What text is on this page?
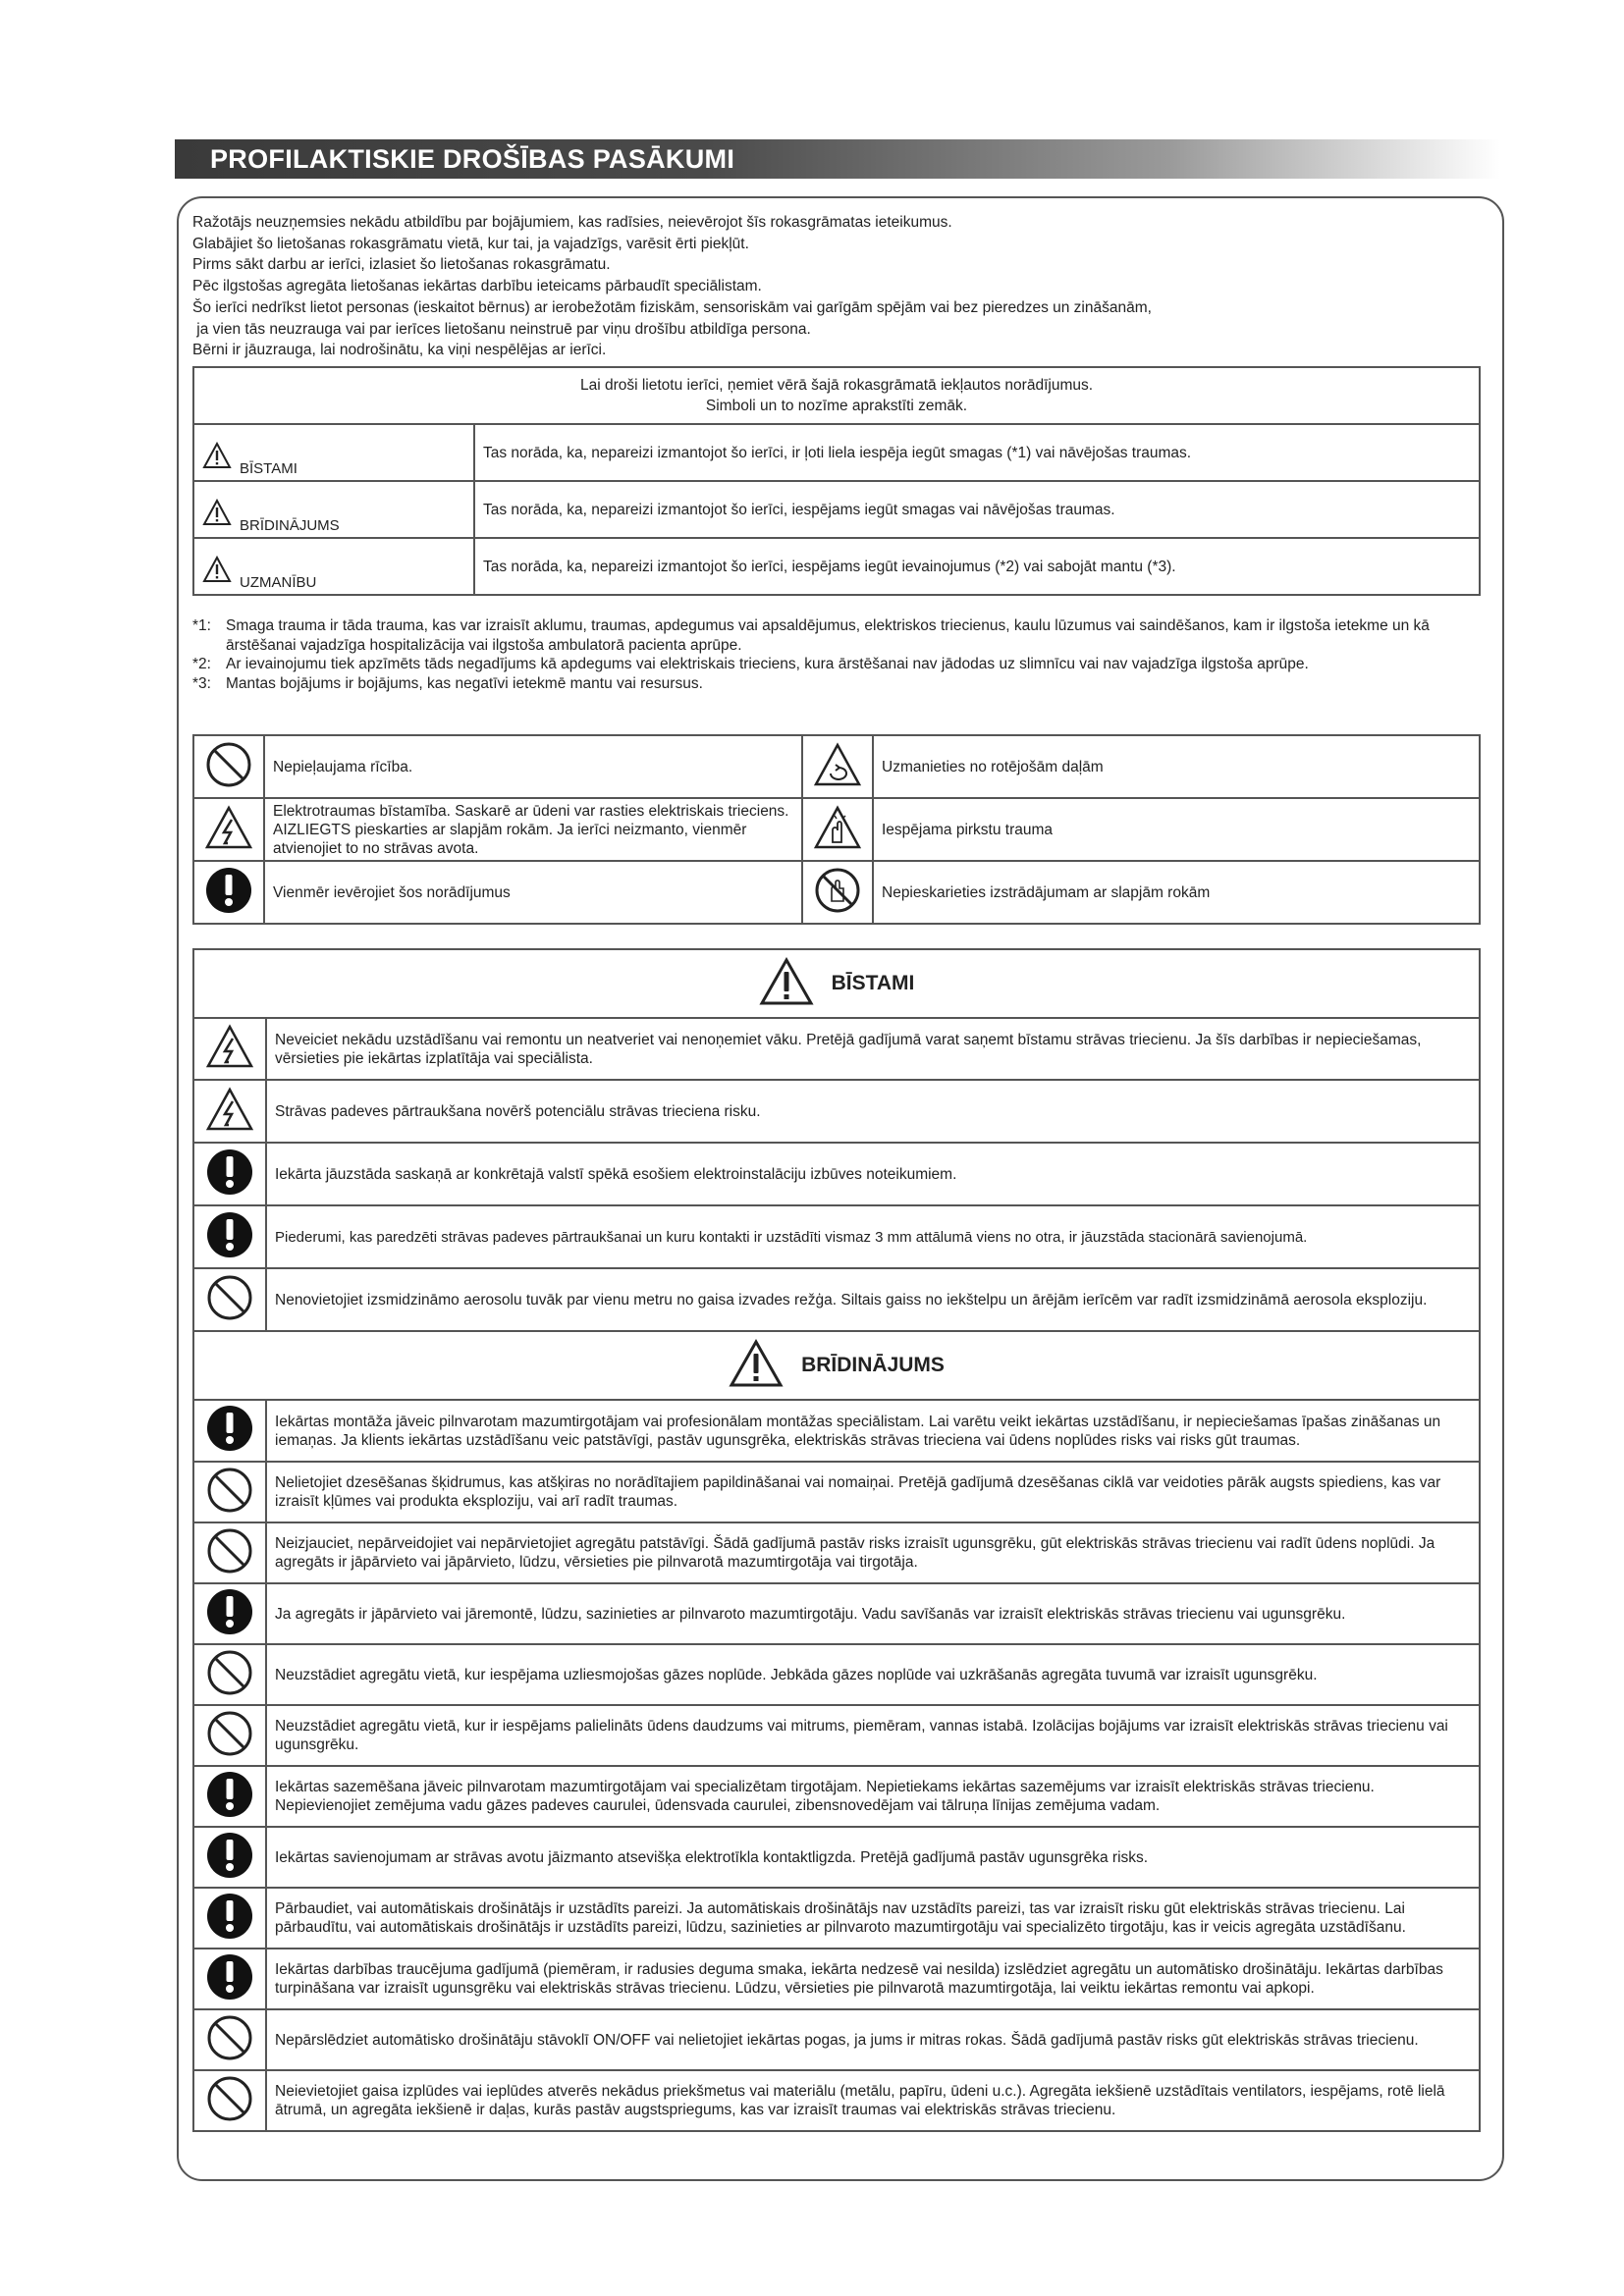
PROFILAKTISKIE DROŠĪBAS PASĀKUMI
Ražotājs neuzņemsies nekādu atbildību par bojājumiem, kas radīsies, neievērojot šīs rokasgrāmatas ieteikumus.
Glabājiet šo lietošanas rokasgrāmatu vietā, kur tai, ja vajadzīgs, varēsit ērti piekļūt.
Pirms sākt darbu ar ierīci, izlasiet šo lietošanas rokasgrāmatu.
Pēc ilgstošas agregāta lietošanas iekārtas darbību ieteicams pārbaudīt speciālistam.
Šo ierīci nedrīkst lietot personas (ieskaitot bērnus) ar ierobežotām fiziskām, sensoriskām vai garīgām spējām vai bez pieredzes un zināšanām,
ja vien tās neuzrauga vai par ierīces lietošanu neinstruē par viņu drošību atbildīga persona.
Bērni ir jāuzrauga, lai nodrošinātu, ka viņi nespēlējas ar ierīci.
Lai droši lietotu ierīci, ņemiet vērā šajā rokasgrāmatā iekļautos norādījumus.
Simboli un to nozīme aprakstīti zemāk.	

BĪSTAMI	Tas norāda, ka, nepareizi izmantojot šo ierīci, ir ļoti liela iespēja iegūt smagas (*1) vai nāvējošas traumas.

BRĪDINĀJUMS	Tas norāda, ka, nepareizi izmantojot šo ierīci, iespējams iegūt smagas vai nāvējošas traumas.

UZMANĪBU	Tas norāda, ka, nepareizi izmantojot šo ierīci, iespējams iegūt ievainojumus (*2) vai sabojāt mantu (*3).
*1: Smaga trauma ir tāda trauma, kas var izraisīt aklumu, traumas, apdegumus vai apsaldējumus, elektriskos triecienus, kaulu lūzumus vai saindēšanos, kam ir ilgstoša ietekme un kā ārstēšanai vajadzīga hospitalizācija vai ilgstoša ambulatorā pacienta aprūpe.
*2: Ar ievainojumu tiek apzīmēts tāds negadījums kā apdegums vai elektriskais trieciens, kura ārstēšanai nav jādodas uz slimnīcu vai nav vajadzīga ilgstoša aprūpe.
*3: Mantas bojājums ir bojājums, kas negatīvi ietekmē mantu vai resursus.
	Nepieļaujama rīcība.		Uzmanieties no rotējošām daļām
	Elektrotraumas bīstamība. Saskarē ar ūdeni var rasties elektriskais trieciens. AIZLIEGTS pieskarties ar slapjām rokām. Ja ierīci neizmanto, vienmēr atvienojiet to no strāvas avota.		Iespējama pirkstu trauma
	Vienmēr ievērojiet šos norādījumus		Nepieskarieties izstrādājumam ar slapjām rokām
BĪSTAMI	

	Neveiciet nekādu uzstādīšanu vai remontu un neatveriet vai nenoņemiet vāku. Pretējā gadījumā varat saņemt bīstamu strāvas triecienu. Ja šīs darbības ir nepieciešamas, vērsieties pie iekārtas izplatītāja vai speciālista.
	Strāvas padeves pārtraukšana novērš potenciālu strāvas trieciena risku.
	Iekārta jāuzstāda saskaņā ar konkrētajā valstī spēkā esošiem elektroinstalāciju izbūves noteikumiem.
	Piederumi, kas paredzēti strāvas padeves pārtraukšanai un kuru kontakti ir uzstādīti vismaz 3 mm attālumā viens no otra, ir jāuzstāda stacionārā savienojumā.
	Nenovietojiet izsmidzināmo aerosolu tuvāk par vienu metru no gaisa izvades režģa. Siltais gaiss no iekštelpu un ārējām ierīcēm var radīt izsmidzināmā aerosola eksploziju.

BRĪDINĀJUMS	

	Iekārtas montāža jāveic pilnvarotam mazumtirgotājam vai profesionālam montāžas speciālistam. Lai varētu veikt iekārtas uzstādīšanu, ir nepieciešamas īpašas zināšanas un iemaņas. Ja klients iekārtas uzstādīšanu veic patstāvīgi, pastāv ugunsgrēka, elektriskās strāvas trieciena vai ūdens noplūdes risks vai risks gūt traumas.
	Nelietojiet dzesēšanas šķidrumus, kas atšķiras no norādītajiem papildināšanai vai nomaiņai. Pretējā gadījumā dzesēšanas ciklā var veidoties pārāk augsts spiediens, kas var izraisīt kļūmes vai produkta eksploziju, vai arī radīt traumas.
	Neizjauciet, nepārveidojiet vai nepārvietojiet agregātu patstāvīgi. Šādā gadījumā pastāv risks izraisīt ugunsgrēku, gūt elektriskās strāvas triecienu vai radīt ūdens noplūdi. Ja agregāts ir jāpārvieto vai jāpārvieto, lūdzu, vērsieties pie pilnvarotā mazumtirgotāja vai tirgotāja.
	Ja agregāts ir jāpārvieto vai jāremontē, lūdzu, sazinieties ar pilnvaroto mazumtirgotāju. Vadu savīšanās var izraisīt elektriskās strāvas triecienu vai ugunsgrēku.
	Neuzstādiet agregātu vietā, kur iespējama uzliesmojošas gāzes noplūde. Jebkāda gāzes noplūde vai uzkrāšanās agregāta tuvumā var izraisīt ugunsgrēku.
	Neuzstādiet agregātu vietā, kur ir iespējams palielināts ūdens daudzums vai mitrums, piemēram, vannas istabā. Izolācijas bojājums var izraisīt elektriskās strāvas triecienu vai ugunsgrēku.
	Iekārtas sazemēšana jāveic pilnvarotam mazumtirgotājam vai specializētam tirgotājam. Nepietiekams iekārtas sazemējums var izraisīt elektriskās strāvas triecienu. Nepievienojiet zemējuma vadu gāzes padeves caurulei, ūdensvada caurulei, zibensnovedējam vai tālruņa līnijas zemējuma vadam.
	Iekārtas savienojumam ar strāvas avotu jāizmanto atsevišķa elektrotīkla kontaktligzda. Pretējā gadījumā pastāv ugunsgrēka risks.
	Pārbaudiet, vai automātiskais drošinātājs ir uzstādīts pareizi. Ja automātiskais drošinātājs nav uzstādīts pareizi, tas var izraisīt risku gūt elektriskās strāvas triecienu. Lai pārbaudītu, vai automātiskais drošinātājs ir uzstādīts pareizi, lūdzu, sazinieties ar pilnvaroto mazumtirgotāju vai specializēto tirgotāju, kas ir veicis agregāta uzstādīšanu.
	Iekārtas darbības traucējuma gadījumā (piemēram, ir radusies deguma smaka, iekārta nedzesē vai nesilda) izslēdziet agregātu un automātisko drošinātāju. Iekārtas darbības turpināšana var izraisīt ugunsgrēku vai elektriskās strāvas triecienu. Lūdzu, vērsieties pie pilnvarotā mazumtirgotāja, lai veiktu iekārtas remontu vai apkopi.
	Nepārslēdziet automātisko drošinātāju stāvoklī ON/OFF vai nelietojiet iekārtas pogas, ja jums ir mitras rokas. Šādā gadījumā pastāv risks gūt elektriskās strāvas triecienu.
	Neievietojiet gaisa izplūdes vai ieplūdes atverēs nekādus priekšmetus vai materiālu (metālu, papīru, ūdeni u.c.). Agregāta iekšienē uzstādītais ventilators, iespējams, rotē lielā ātrumā, un agregāta iekšienē ir daļas, kurās pastāv augstspriegums, kas var izraisīt traumas vai elektriskās strāvas triecienu.
